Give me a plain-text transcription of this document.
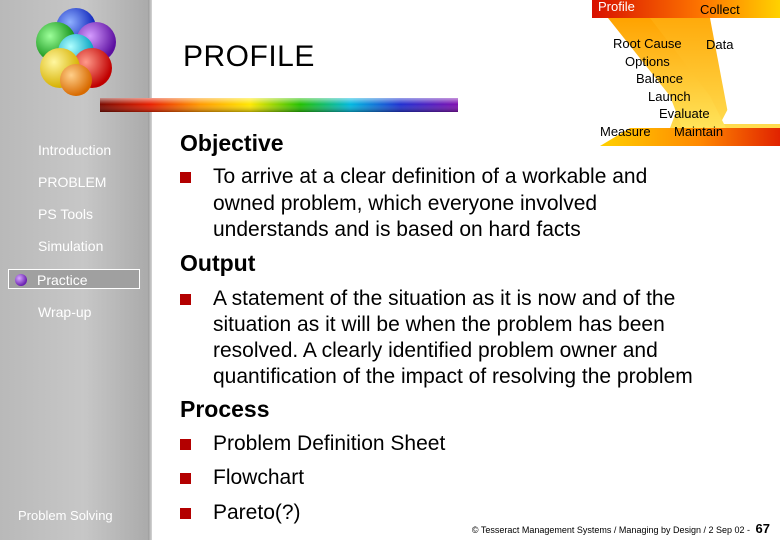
Introduction
PROBLEM
PS Tools
Simulation
Practice
Wrap-up
Problem Solving
PROFILE
Profile	Collect
Root Cause Data
Options
Balance
Launch
Evaluate
Measure Maintain
Objective
To arrive at a clear definition of a workable and
owned problem, which everyone involved
understands and is based on hard facts
Output
A statement of the situation as it is now and of the
situation as it will be when the problem has been
resolved. A clearly identified problem owner and
quantification of the impact of resolving the problem
Process
Problem Definition Sheet
Flowchart
Pareto(?)
© Tesseract Management Systems / Managing by Design / 2 Sep 02 - 67
